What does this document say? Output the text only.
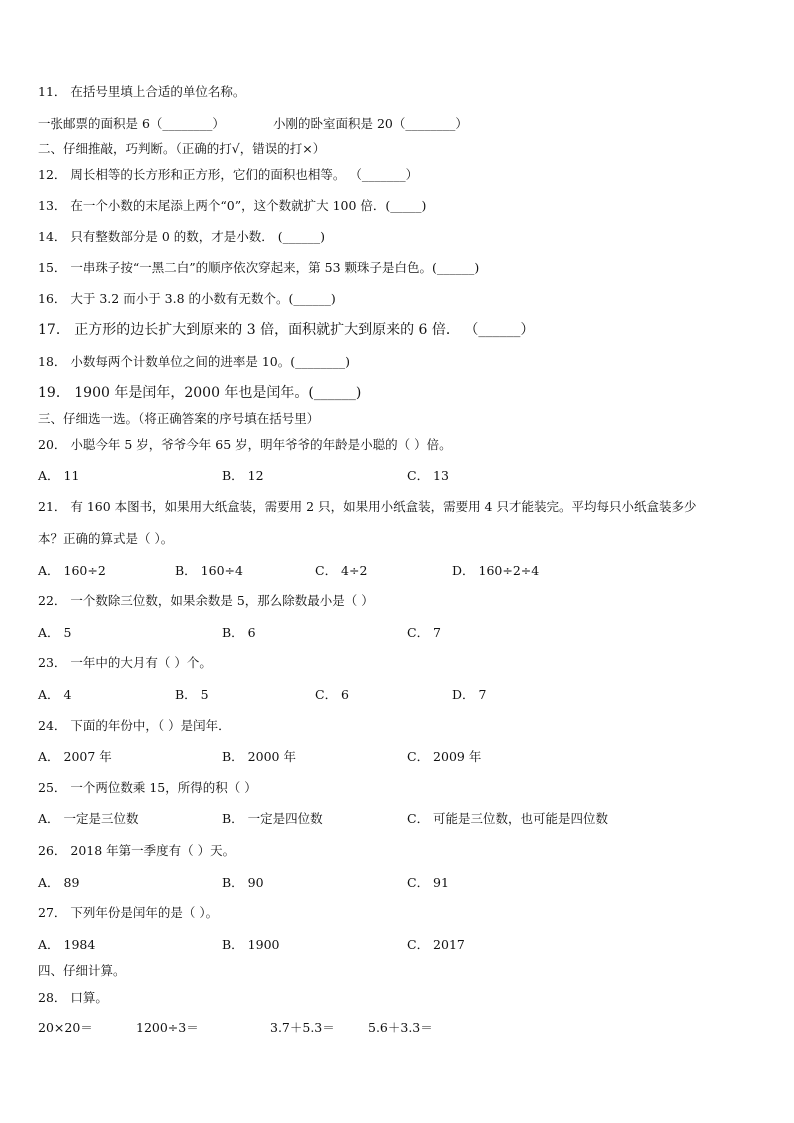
11． 在括号里填上合适的单位名称。
一张邮票的面积是 6（________）	小刚的卧室面积是 20（________）
二、仔细推敲，巧判断。（正确的打√，错误的打×）
12． 周长相等的长方形和正方形，它们的面积也相等。 （_______）
13． 在一个小数的末尾添上两个“0”，这个数就扩大 100 倍．(_____)
14． 只有整数部分是 0 的数，才是小数． (______)
15． 一串珠子按“一黑二白”的顺序依次穿起来，第 53 颗珠子是白色。(______)
16． 大于 3.2 而小于 3.8 的小数有无数个。(______)
17． 正方形的边长扩大到原来的 3 倍，面积就扩大到原来的 6 倍． （______）
18． 小数每两个计数单位之间的进率是 10。(________)
19． 1900 年是闰年，2000 年也是闰年。(______)
三、仔细选一选。（将正确答案的序号填在括号里）
20． 小聪今年 5 岁，爷爷今年 65 岁，明年爷爷的年龄是小聪的（ ）倍。
A． 11	B． 12	C． 13
21． 有 160 本图书，如果用大纸盒装，需要用 2 只，如果用小纸盒装，需要用 4 只才能装完。平均每只小纸盒装多少
本？正确的算式是（ ）。
A． 160÷2	B． 160÷4	C． 4÷2	D． 160÷2÷4
22． 一个数除三位数，如果余数是 5，那么除数最小是（ ）
A． 5	B． 6	C． 7
23． 一年中的大月有（ ）个。
A． 4	B． 5	C． 6	D． 7
24． 下面的年份中，（ ）是闰年．
A． 2007 年	B． 2000 年	C． 2009 年
25． 一个两位数乘 15，所得的积（ ）
A． 一定是三位数	B． 一定是四位数	C． 可能是三位数，也可能是四位数
26． 2018 年第一季度有（ ）天。
A． 89	B． 90	C． 91
27． 下列年份是闰年的是（ ）。
A． 1984	B． 1900	C． 2017
四、仔细计算。
28． 口算。
20×20＝	1200÷3＝	3.7＋5.3＝	5.6＋3.3＝
